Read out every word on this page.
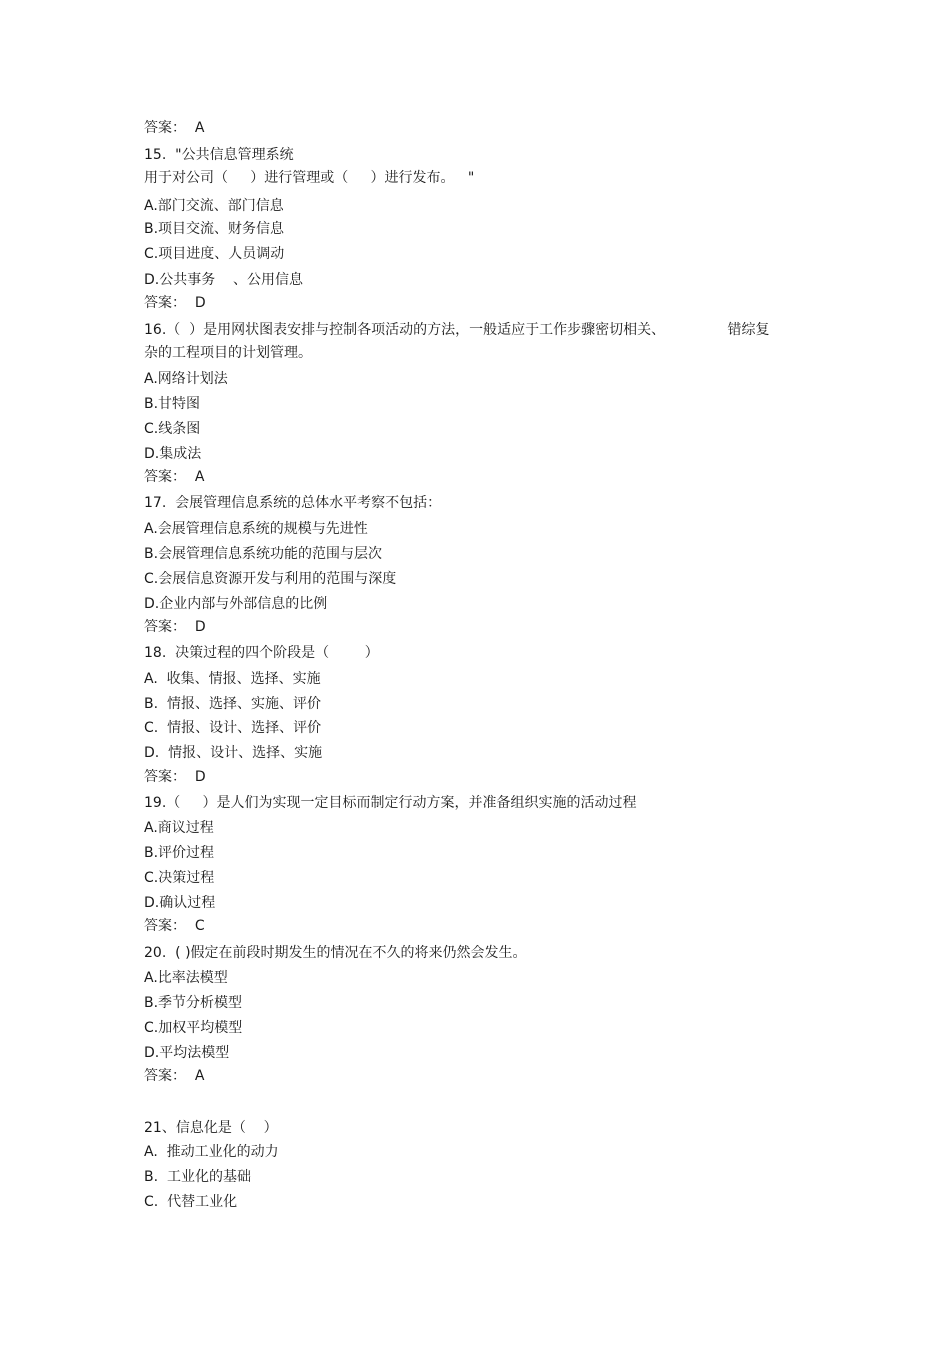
答案：  A
15.  "公共信息管理系统
用于对公司（     ）进行管理或（     ）进行发布。   "
A.部门交流、部门信息
B.项目交流、财务信息
C.项目进度、人员调动
D.公共事务    、公用信息
答案：  D
16.（  ）是用网状图表安排与控制各项活动的方法，一般适应于工作步骤密切相关、              错综复
杂的工程项目的计划管理。
A.网络计划法
B.甘特图
C.线条图
D.集成法
答案：  A
17.  会展管理信息系统的总体水平考察不包括：
A.会展管理信息系统的规模与先进性
B.会展管理信息系统功能的范围与层次
C.会展信息资源开发与利用的范围与深度
D.企业内部与外部信息的比例
答案：  D
18.  决策过程的四个阶段是（        ）
A.  收集、情报、选择、实施
B.  情报、选择、实施、评价
C.  情报、设计、选择、评价
D.  情报、设计、选择、实施
答案：  D
19.（     ）是人们为实现一定目标而制定行动方案，并准备组织实施的活动过程
A.商议过程
B.评价过程
C.决策过程
D.确认过程
答案：  C
20.  ( )假定在前段时期发生的情况在不久的将来仍然会发生。
A.比率法模型
B.季节分析模型
C.加权平均模型
D.平均法模型
答案：  A
21、信息化是（    ）
A.  推动工业化的动力
B.  工业化的基础
C.  代替工业化
